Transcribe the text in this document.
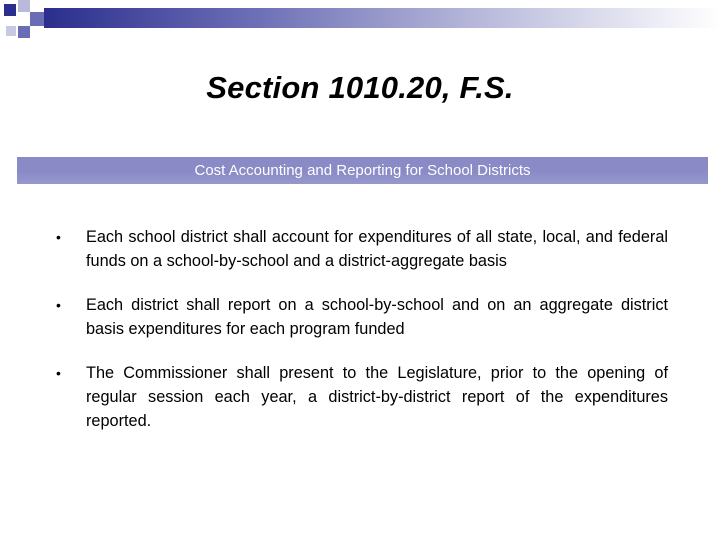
Section 1010.20, F.S.
Cost Accounting and Reporting for School Districts
•	Each school district shall account for expenditures of all state, local, and federal funds on a school-by-school and a district-aggregate basis
•	Each district shall report on a school-by-school and on an aggregate district basis expenditures for each program funded
•	The Commissioner shall present to the Legislature, prior to the opening of regular session each year, a district-by-district report of the expenditures reported.
